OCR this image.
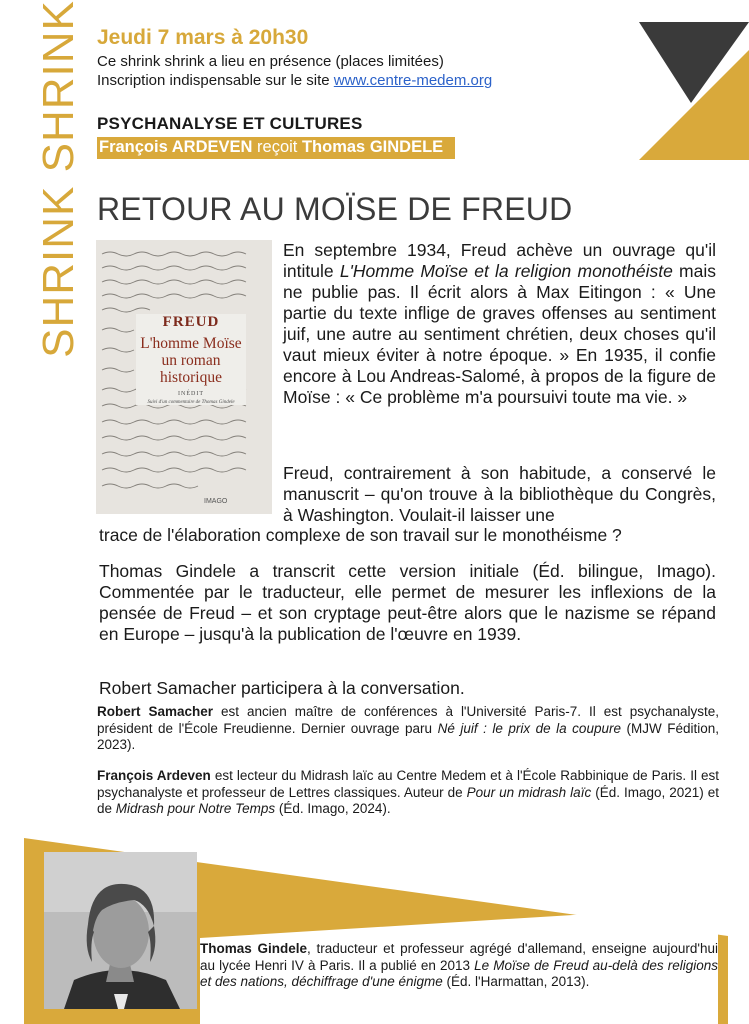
SHRINK SHRINK Jeudi 7 mars à 20h30
Ce shrink shrink a lieu en présence (places limitées)
Inscription indispensable sur le site www.centre-medem.org
PSYCHANALYSE ET CULTURES
François ARDEVEN reçoit Thomas GINDELE
RETOUR AU MOÏSE DE FREUD
FREUD
L'homme Moïse un roman historique
INÉDIT
Suivi d'un commentaire de Thomas Gindele
IMAGO
En septembre 1934, Freud achève un ouvrage qu'il intitule L'Homme Moïse et la religion monothéiste mais ne publie pas. Il écrit alors à Max Eitingon : « Une partie du texte inflige de graves offenses au sentiment juif, une autre au sentiment chrétien, deux choses qu'il vaut mieux éviter à notre époque. » En 1935, il confie encore à Lou Andreas-Salomé, à propos de la figure de Moïse : « Ce problème m'a poursuivi toute ma vie. »
Freud, contrairement à son habitude, a conservé le manuscrit – qu'on trouve à la bibliothèque du Congrès, à Washington. Voulait-il laisser une
trace de l'élaboration complexe de son travail sur le monothéisme ?
Thomas Gindele a transcrit cette version initiale (Éd. bilingue, Imago). Commentée par le traducteur, elle permet de mesurer les inflexions de la pensée de Freud – et son cryptage peut-être alors que le nazisme se répand en Europe – jusqu'à la publication de l'œuvre en 1939.
Robert Samacher participera à la conversation.
Robert Samacher est ancien maître de conférences à l'Université Paris-7. Il est psychanalyste, président de l'École Freudienne. Dernier ouvrage paru Né juif : le prix de la coupure (MJW Fédition, 2023).
François Ardeven est lecteur du Midrash laïc au Centre Medem et à l'École Rabbinique de Paris. Il est psychanalyste et professeur de Lettres classiques. Auteur de Pour un midrash laïc (Éd. Imago, 2021) et de Midrash pour Notre Temps (Éd. Imago, 2024).
Thomas Gindele, traducteur et professeur agrégé d'allemand, enseigne aujourd'hui au lycée Henri IV à Paris. Il a publié en 2013 Le Moïse de Freud au-delà des religions et des nations, déchiffrage d'une énigme (Éd. l'Harmattan, 2013).
